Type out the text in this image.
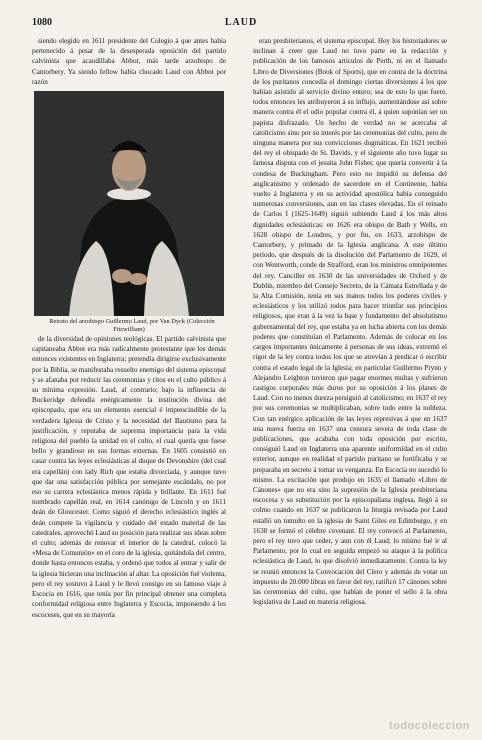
1080	LAUD

siendo elegido en 1611 presidente del Colegio á que antes había pertenecido á pesar de la desesperada oposición del partido calvinista que acaudillaba Abbot, más tarde arzobispo de Cantorbery. Ya siendo fellow había chocado Laud con Abbot por razón

Retrato del arzobispo Guillermo Laud, por Van Dyck (Colección Fitzwilliam)

de la diversidad de opiniones teológicas. El partido calvinista que capitaneaba Abbot era más radicalmente protestante que los demás entonces existentes en Inglaterra; pretendía dirigirse exclusivamente por la Biblia, se manifestaba resuelto enemigo del sistema episcopal y se afanaba por reducir las ceremonias y ritos en el culto público á su mínima expresión. Laud, al contrario; bajo la influencia de Buckeridge defendía enérgicamente la institución divina del episcopado, que era un elemento esencial é imprescindible de la verdadera Iglesia de Cristo y la necesidad del Bautismo para la justificación, y reputaba de suprema importancia para la vida religiosa del pueblo la unidad en el culto, el cual quería que fuese bello y grandioso en sus formas externas. En 1605 consistió en casar contra las leyes eclesiásticas al duque de Devonshire (del cual era capellán) con lady Rich que estaba divorciada, y aunque tuvo que dar una satisfacción pública por semejante escándalo, no por eso su carrera eclesiástica menos rápida y brillante. En 1611 fué nombrado capellán real, en 1614 canónigo de Lincoln y en 1611 deán de Gloucester. Como siguió el derecho eclesiástico inglés al deán compete la vigilancia y cuidado del estado material de las catedrales, aprovechó Laud su posición para realizar sus ideas sobre el culto; además de renovar el interior de la catedral, colocó la «Mesa de Comunión» en el coro de la iglesia, quitándola del centro, donde hasta entonces estaba, y ordenó que todos al entrar y salir de la iglesia hicieran una inclinación al altar. La oposición fué violenta, pero el rey sostuvo á Laud y le llevó consigo en su famoso viaje á Escocia en 1616, que tenía por fin principal obtener una completa conformidad religiosa entre Inglaterra y Escocia, imponiendo á los escoceses, que en su mayoría

eran presbiterianos, el sistema episcopal. Hoy los historiadores se inclinan á creer que Laud no tuvo parte en la redacción y publicación de los famosos artículos de Perth, ni en el llamado Libro de Diversiones (Book of Sports), que en contra de la doctrina de los puritanos concedía el domingo ciertas diversiones á los que habían asistido al servicio divino entero; sea de esto lo que fuere, todos entonces les atribuyeron á su influjo, aumentándose así sobre manera contra él el odio popular contra él, á quien suponían ser un papista disfrazado. Un hecho de verdad no se acercaba al catolicismo sino por su interés por las ceremonias del culto, pero de ninguna manera por sus convicciones dogmáticas. En 1621 recibió del rey el obispado de St. Davids, y el siguiente año tuvo lugar su famosa disputa con el jesuita John Fisher, que quería convertir á la condesa de Buckingham. Pero esto no impidió su defensa del anglicanismo y ordenado de sacerdote en el Continente, había vuelto á Inglaterra y en su actividad apostólica había conseguido numerosas conversiones, aun en las clases elevadas. En el reinado de Carlos I (1625-1649) siguió subiendo Laud á los más altos dignidades eclesiásticas: en 1626 era obispo de Bath y Wells, en 1628 obispo de Londres, y por fin, en 1633, arzobispo de Cantorbery, y primado de la Iglesia anglicana. A este último período, que después de la disolución del Parlamento de 1629, el con Wentworth, conde de Strafford, eran los ministros omnipotentes del rey. Canciller en 1630 de las universidades de Oxford y de Dublin, miembro del Consejo Secreto, de la Cámara Estrellada y de la Alta Comisión, tenía en sus manos todos los poderes civiles y eclesiásticos y los utilizó todos para hacer triunfar sus principios religiosos, que eran á la vez la base y fundamento del absolutismo gubernamental del rey, que estaba ya en lucha abierta con los demás poderes que constituían el Parlamento. Además de colocar en los cargos importantes únicamente á personas de sus ideas, extremó el rigor de la ley contra todos los que se atrevían á predicar ó escribir contra el estado legal de la Iglesia; en particular Guillermo Prynn y Alejandro Leighton tuvieron que pagar enormes multas y sufrieron castigos corporales más duros por su oposición á los planes de Laud. Con no menos dureza persiguió al catolicismo; en 1637 el rey por sus ceremonias se multiplicaban, sobre todo entre la nobleza. Con tan enérgico aplicación de las leyes represivas á que en 1637 una nueva fuerza en 1637 una censura severa de toda clase de publicaciones, que acababa con toda oposición por escrito, consiguió Laud en Inglaterra una aparente uniformidad en el culto exterior, aunque en realidad el partido puritano se fortificaba y se preparaba en secreto á tomar su venganza. En Escocia no sucedió lo mismo. La excitación que produjo en 1635 el llamado «Libro de Cánones» que no era sino la supresión de la Iglesia presbiteriana escocesa y su substitución por la episcopaliana inglesa, llegó á su colmo cuando en 1637 se publicaron la liturgia revisada por Laud estalló un tumulto en la iglesia de Saint Giles en Edimburgo, y en 1638 se formó el célebre covenant. El rey convocó al Parlamento, pero el rey tuvo que ceder, y aun con él Laud; lo mismo fué ir al Parlamento, por lo cual en seguida empezó su ataque á la política eclesiástica de Laud, lo que disolvió inmediatamente. Contra la ley se reunió entonces la Convocación del Clero y además de votar un impuesto de 20.000 libras en favor del rey, ratificó 17 cánones sobre las ceremonias del culto, que habían de poner el sello á la obra legislativa de Laud en materia religiosa.

todocoleccion
